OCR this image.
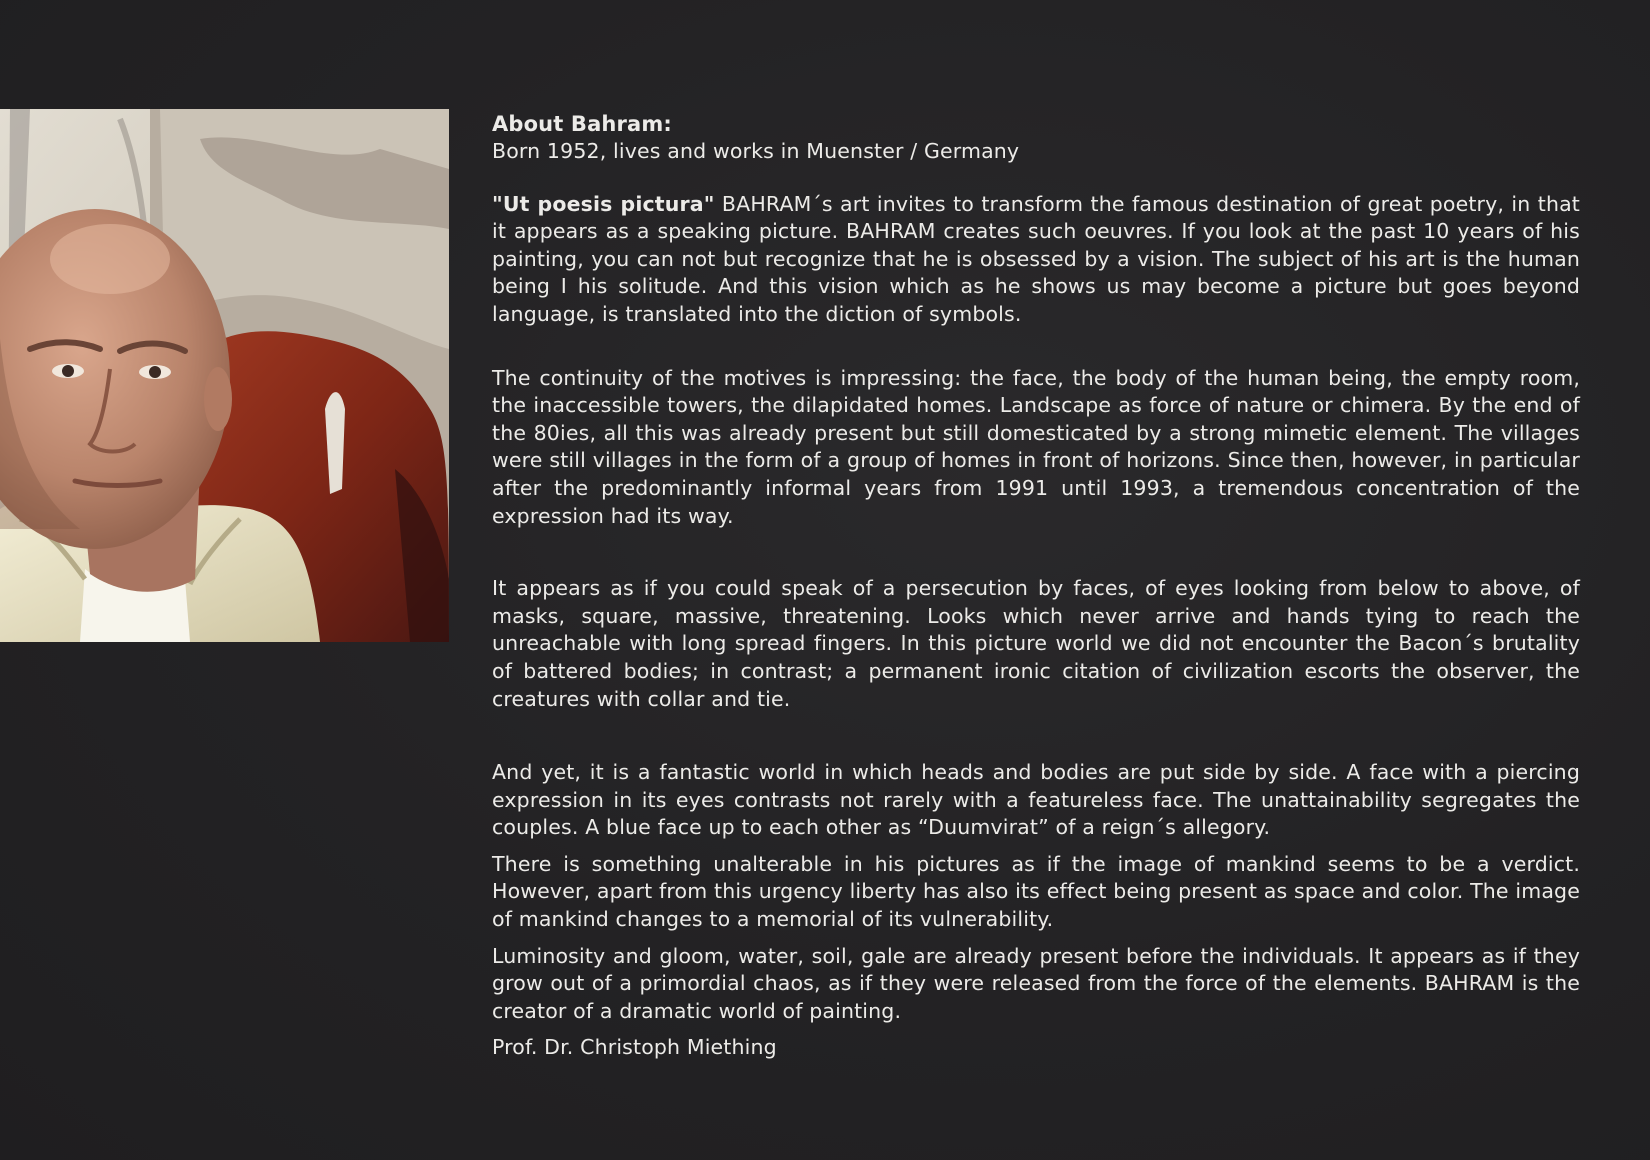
About Bahram:

Born 1952, lives and works in Muenster / Germany

"Ut poesis pictura" BAHRAM´s art invites to transform the famous destination of great poetry, in that it appears as a speaking picture. BAHRAM creates such oeuvres. If you look at the past 10 years of his painting, you can not but recognize that he is obsessed by a vision. The subject of his art is the human being I his solitude. And this vision which as he shows us may become a picture but goes beyond language, is translated into the diction of symbols.

The continuity of the motives is impressing: the face, the body of the human being, the empty room, the inaccessible towers, the dilapidated homes. Landscape as force of nature or chimera. By the end of the 80ies, all this was already present but still domesticated by a strong mimetic element. The villages were still villages in the form of a group of homes in front of horizons. Since then, however, in particular after the predominantly informal years from 1991 until 1993, a tremendous concentration of the expression had its way.

It appears as if you could speak of a persecution by faces, of eyes looking from below to above, of masks, square, massive, threatening. Looks which never arrive and hands tying to reach the unreachable with long spread fingers. In this picture world we did not encounter the Bacon´s brutality of battered bodies; in contrast; a permanent ironic citation of civilization escorts the observer, the creatures with collar and tie.

And yet, it is a fantastic world in which heads and bodies are put side by side. A face with a piercing expression in its eyes contrasts not rarely with a featureless face. The unattainability segregates the couples. A blue face up to each other as “Duumvirat” of a reign´s allegory.

There is something unalterable in his pictures as if the image of mankind seems to be a verdict. However, apart from this urgency liberty has also its effect being present as space and color. The image of mankind changes to a memorial of its vulnerability.

Luminosity and gloom, water, soil, gale are already present before the individuals. It appears as if they grow out of a primordial chaos, as if they were released from the force of the elements. BAHRAM is the creator of a dramatic world of painting.

Prof. Dr. Christoph Miething
